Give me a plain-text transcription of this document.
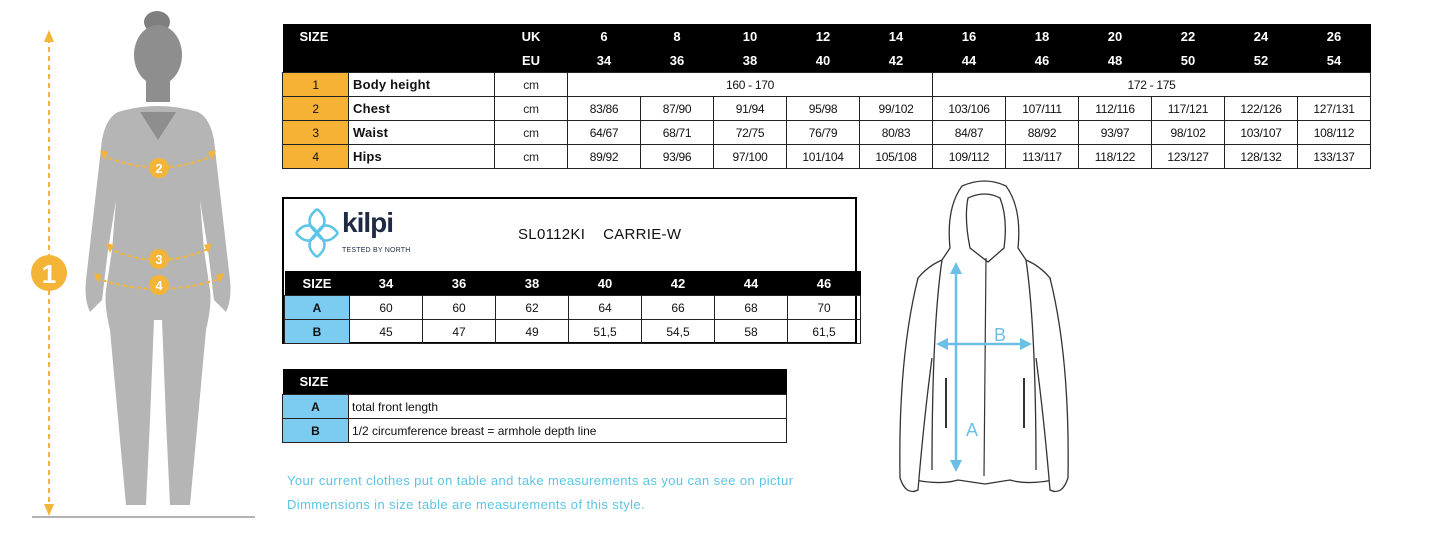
1
2
3
4
SIZE		UK	6	8	10	12	14	16	18	20	22	24	26
		EU	34	36	38	40	42	44	46	48	50	52	54
1	Body height	cm	160 - 170					172 - 175					
2	Chest	cm	83/86	87/90	91/94	95/98	99/102	103/106	107/111	112/116	117/121	122/126	127/131
3	Waist	cm	64/67	68/71	72/75	76/79	80/83	84/87	88/92	93/97	98/102	103/107	108/112
4	Hips	cm	89/92	93/96	97/100	101/104	105/108	109/112	113/117	118/122	123/127	128/132	133/137
kilpi
TESTED BY NORTH
SL0112KI CARRIE-W
SIZE	34	36	38	40	42	44	46
A	60	60	62	64	66	68	70
B	45	47	49	51,5	54,5	58	61,5
SIZE	
A	total front length
B	1/2 circumference breast = armhole depth line
Your current clothes put on table and take measurements as you can see on pictur
Dimmensions in size table are measurements of this style.
A
B
